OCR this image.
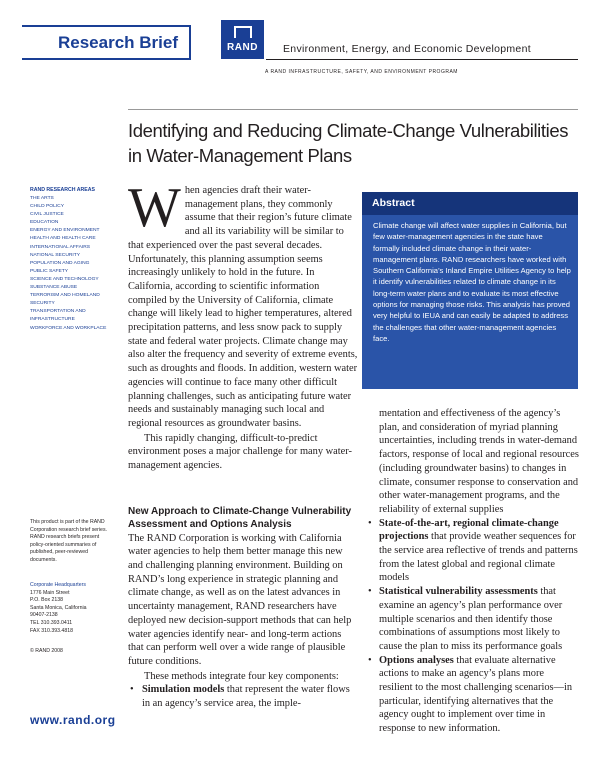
Research Brief	RAND	Environment, Energy, and Economic Development
A RAND INFRASTRUCTURE, SAFETY, AND ENVIRONMENT PROGRAM
Identifying and Reducing Climate-Change Vulnerabilities
in Water-Management Plans
RAND RESEARCH AREAS
THE ARTS
CHILD POLICY
CIVIL JUSTICE
EDUCATION
ENERGY AND ENVIRONMENT
HEALTH AND HEALTH CARE
INTERNATIONAL AFFAIRS
NATIONAL SECURITY
POPULATION AND AGING
PUBLIC SAFETY
SCIENCE AND TECHNOLOGY
SUBSTANCE ABUSE
TERRORISM AND HOMELAND SECURITY
TRANSPORTATION AND INFRASTRUCTURE
WORKFORCE AND WORKPLACE
This product is part of the RAND Corporation research brief series. RAND research briefs present policy-oriented summaries of published, peer-reviewed documents.
Corporate Headquarters
1776 Main Street
P.O. Box 2138
Santa Monica, California
90407-2138
TEL 310.393.0411
FAX 310.393.4818
© RAND 2008
www.rand.org

When agencies draft their water-management plans, they commonly assume that their region’s future climate and all its variability will be similar to that experienced over the past several decades. Unfortunately, this planning assumption seems increasingly unlikely to hold in the future. In California, according to scientific information compiled by the University of California, climate change will likely lead to higher temperatures, altered precipitation patterns, and less snow pack to supply state and federal water projects. Climate change may also alter the frequency and severity of extreme events, such as droughts and floods. In addition, western water agencies will continue to face many other difficult planning challenges, such as anticipating future water needs and sustainably managing such local and regional resources as groundwater basins.

This rapidly changing, difficult-to-predict environment poses a major challenge for many water-management agencies.

New Approach to Climate-Change Vulnerability Assessment and Options Analysis

The RAND Corporation is working with California water agencies to help them better manage this new and challenging planning environment. Building on RAND’s long experience in strategic planning and climate change, as well as on the latest advances in uncertainty management, RAND researchers have deployed new decision-support methods that can help water agencies identify near- and long-term actions that can perform well over a wide range of plausible future conditions.

These methods integrate four key components:

• Simulation models that represent the water flows in an agency’s service area, the imple-
Abstract
Climate change will affect water supplies in California, but few water-management agencies in the state have formally included climate change in their water-management plans. RAND researchers have worked with Southern California’s Inland Empire Utilities Agency to help it identify vulnerabilities related to climate change in its long-term water plans and to evaluate its most effective options for managing those risks. This analysis has proved very helpful to IEUA and can easily be adapted to address the challenges that other water-management agencies face.

mentation and effectiveness of the agency’s plan, and consideration of myriad planning uncertainties, including trends in water-demand factors, response of local and regional resources (including groundwater basins) to changes in climate, consumer response to conservation and other water-management programs, and the reliability of external supplies

• State-of-the-art, regional climate-change projections that provide weather sequences for the service area reflective of trends and patterns from the latest global and regional climate models
• Statistical vulnerability assessments that examine an agency’s plan performance over multiple scenarios and then identify those combinations of assumptions most likely to cause the plan to miss its performance goals
• Options analyses that evaluate alternative actions to make an agency’s plans more resilient to the most challenging scenarios—in particular, identifying alternatives that the agency ought to implement over time in response to new information.
